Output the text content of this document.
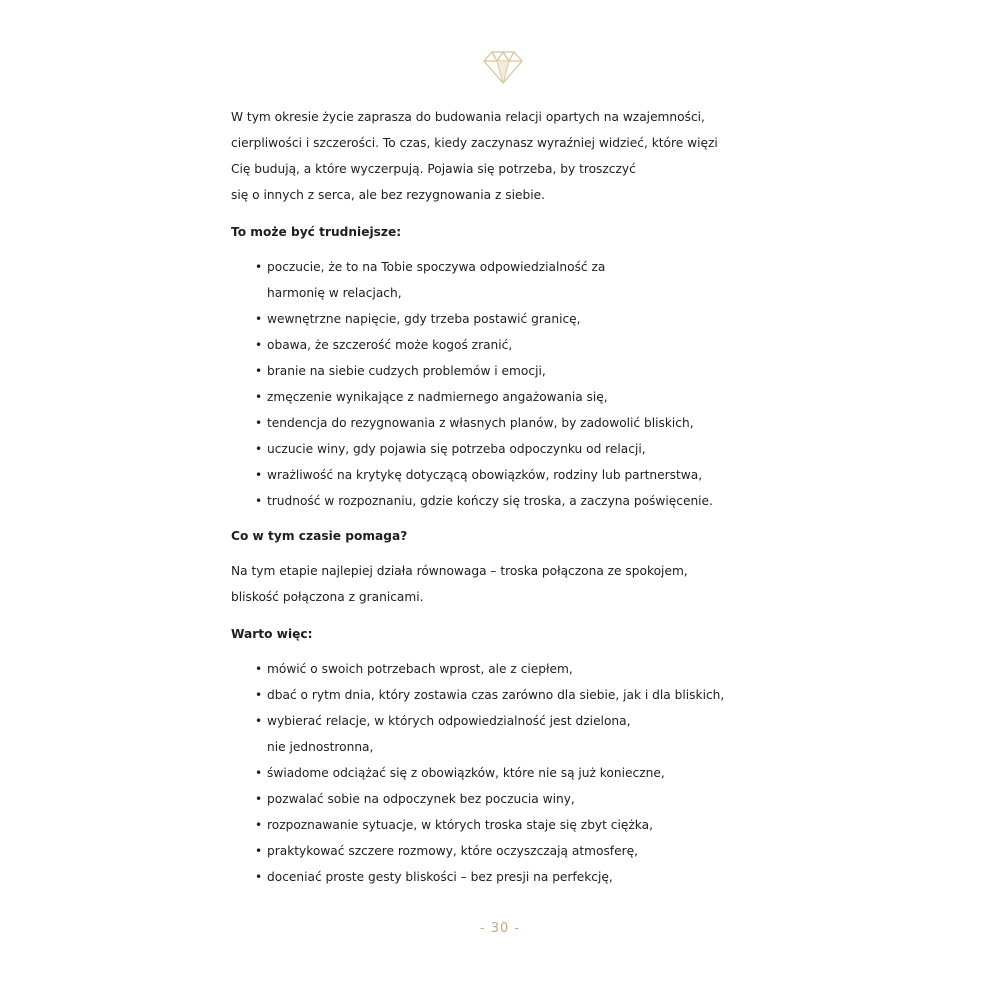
W tym okresie życie zaprasza do budowania relacji opartych na wzajemności,
cierpliwości i szczerości. To czas, kiedy zaczynasz wyraźniej widzieć, które więzi
Cię budują, a które wyczerpują. Pojawia się potrzeba, by troszczyć
się o innych z serca, ale bez rezygnowania z siebie.
To może być trudniejsze:
• poczucie, że to na Tobie spoczywa odpowiedzialność za
harmonię w relacjach,
• wewnętrzne napięcie, gdy trzeba postawić granicę,
• obawa, że szczerość może kogoś zranić,
• branie na siebie cudzych problemów i emocji,
• zmęczenie wynikające z nadmiernego angażowania się,
• tendencja do rezygnowania z własnych planów, by zadowolić bliskich,
• uczucie winy, gdy pojawia się potrzeba odpoczynku od relacji,
• wrażliwość na krytykę dotyczącą obowiązków, rodziny lub partnerstwa,
• trudność w rozpoznaniu, gdzie kończy się troska, a zaczyna poświęcenie.
Co w tym czasie pomaga?
Na tym etapie najlepiej działa równowaga – troska połączona ze spokojem,
bliskość połączona z granicami.
Warto więc:
• mówić o swoich potrzebach wprost, ale z ciepłem,
• dbać o rytm dnia, który zostawia czas zarówno dla siebie, jak i dla bliskich,
• wybierać relacje, w których odpowiedzialność jest dzielona,
nie jednostronna,
• świadome odciążać się z obowiązków, które nie są już konieczne,
• pozwalać sobie na odpoczynek bez poczucia winy,
• rozpoznawanie sytuacje, w których troska staje się zbyt ciężka,
• praktykować szczere rozmowy, które oczyszczają atmosferę,
• doceniać proste gesty bliskości – bez presji na perfekcję,
- 30 -
